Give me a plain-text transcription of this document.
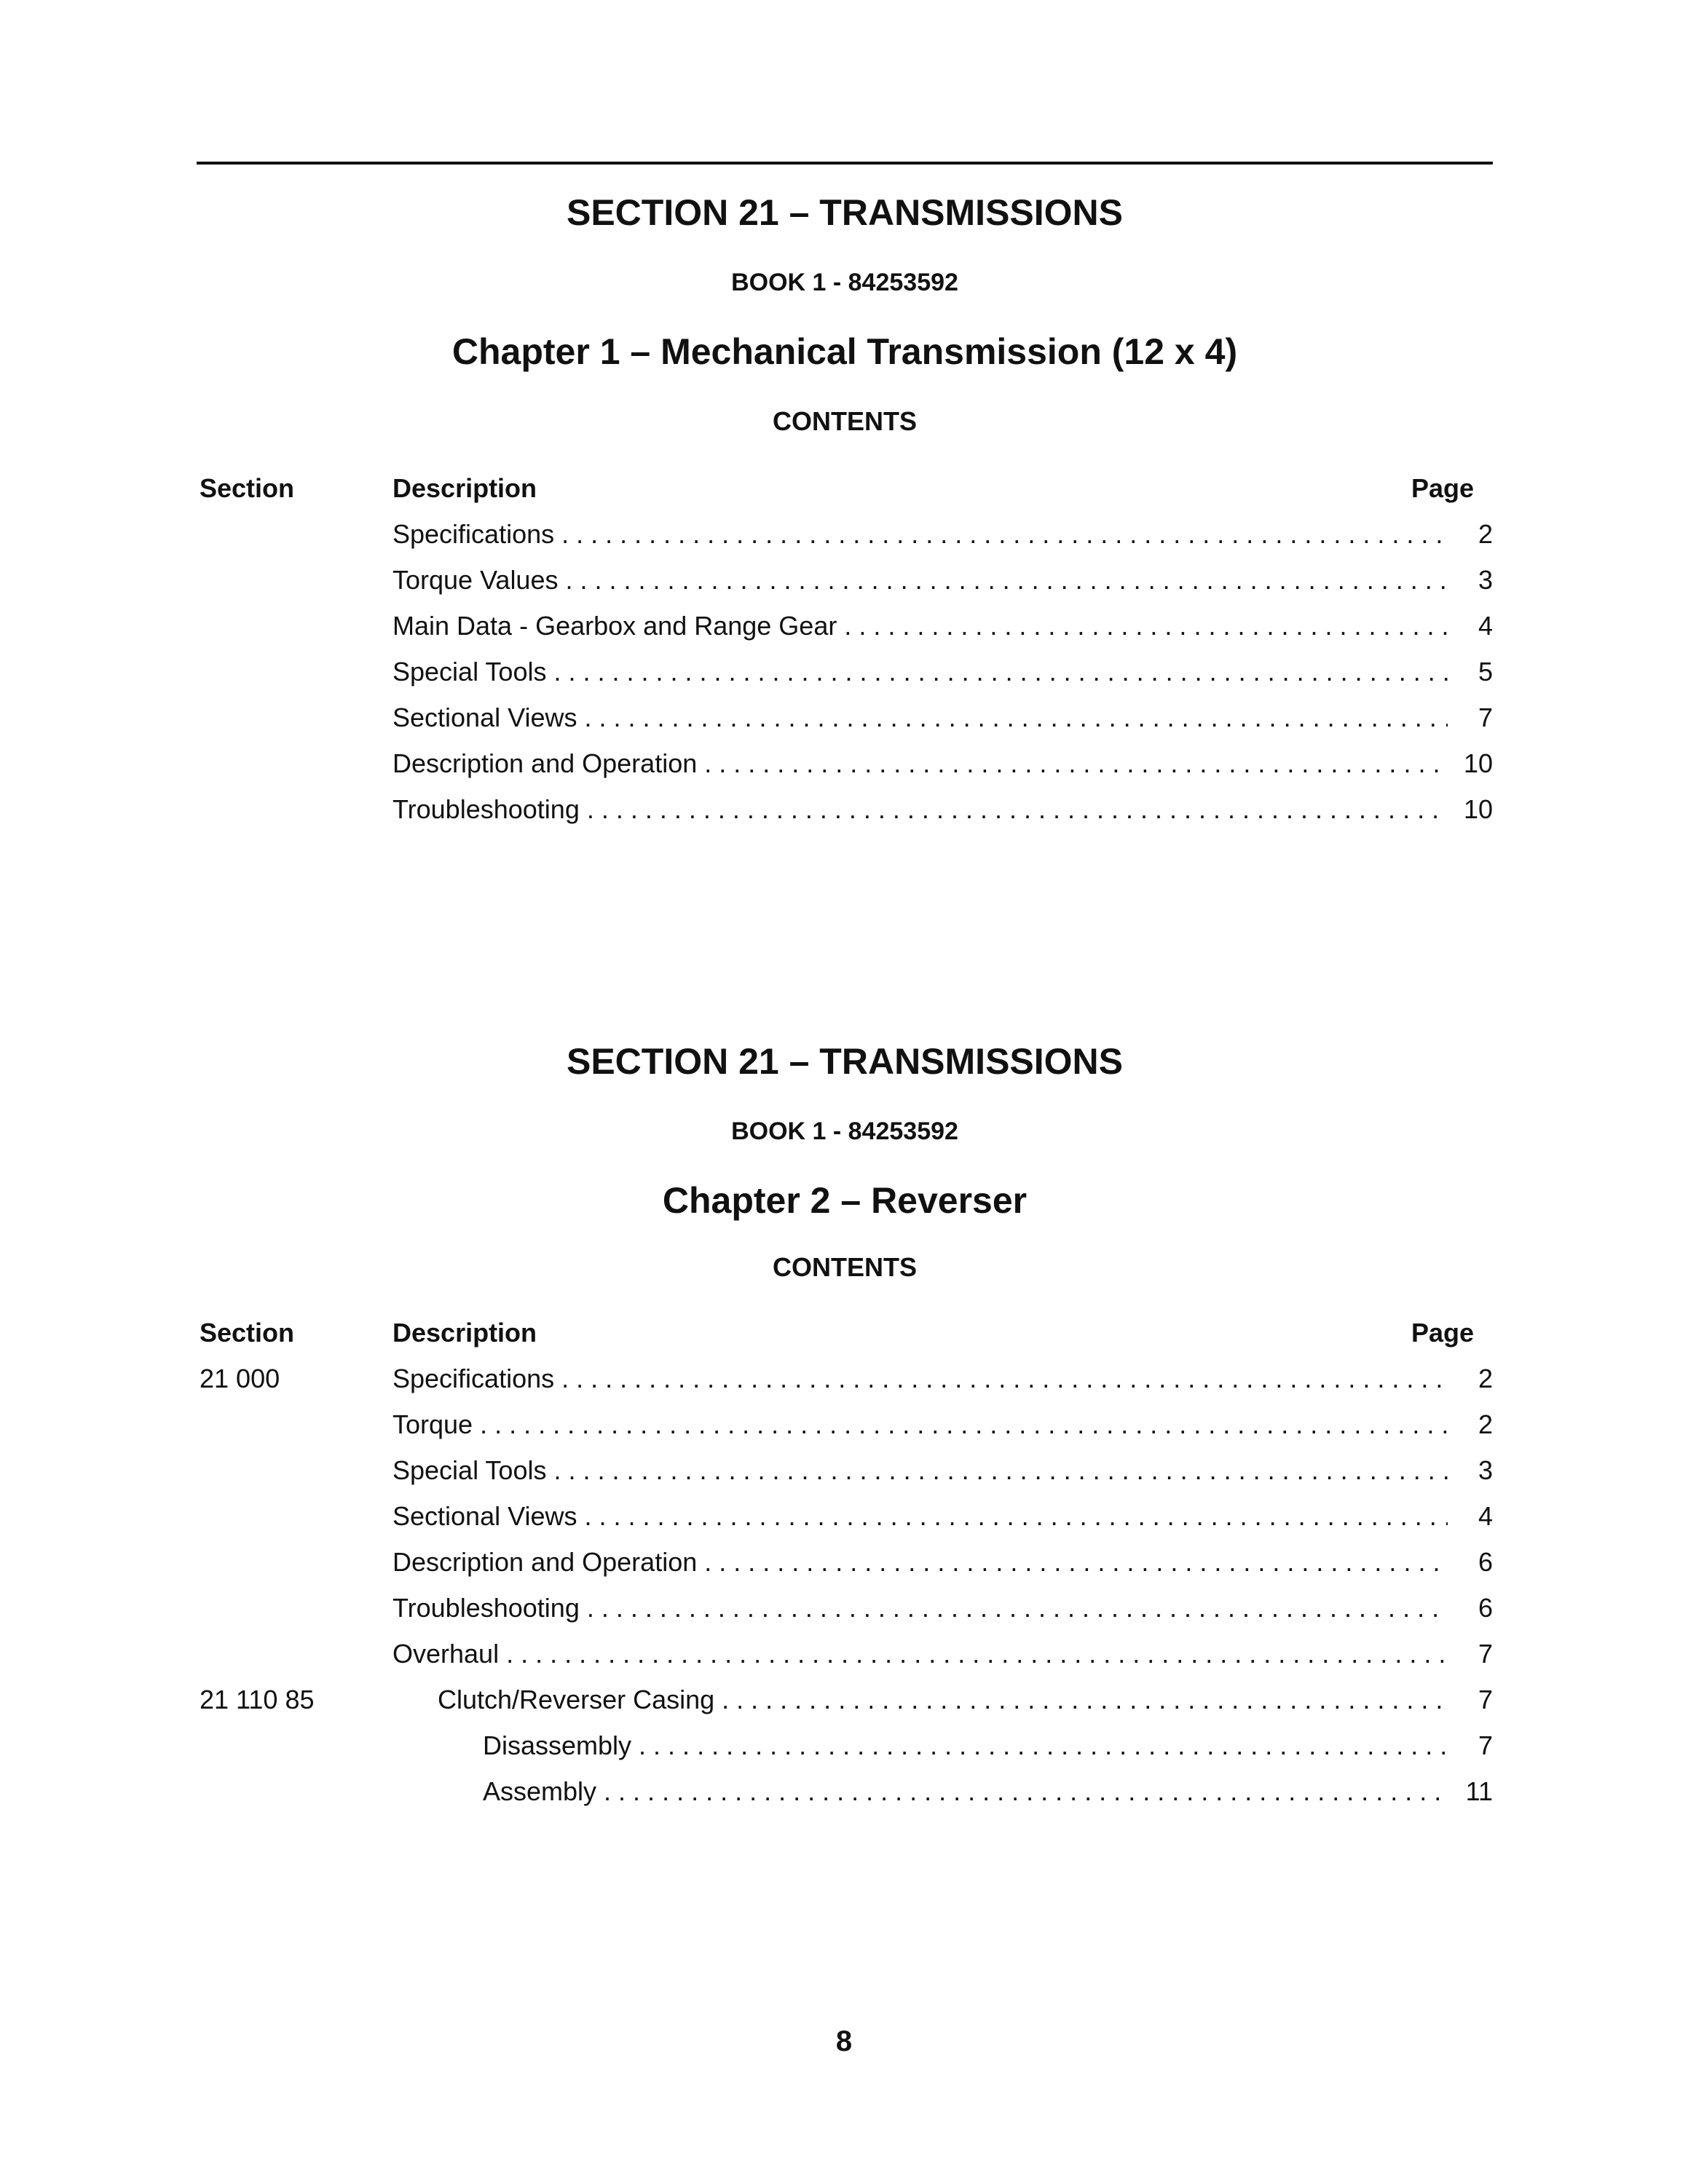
SECTION 21 – TRANSMISSIONS
BOOK 1 - 84253592
Chapter 1 – Mechanical Transmission (12 x 4)
CONTENTS
Section	Description	Page
Specifications . . .	2
Torque Values . . .	3
Main Data - Gearbox and Range Gear . . .	4
Special Tools . . .	5
Sectional Views . . .	7
Description and Operation . . .	10
Troubleshooting . . .	10
SECTION 21 – TRANSMISSIONS
BOOK 1 - 84253592
Chapter 2 – Reverser
CONTENTS
Section	Description	Page
21 000	Specifications . . .	2
Torque . . .	2
Special Tools . . .	3
Sectional Views . . .	4
Description and Operation . . .	6
Troubleshooting . . .	6
Overhaul . . .	7
21 110 85	Clutch/Reverser Casing . . .	7
Disassembly . . .	7
Assembly . . .	11
8
